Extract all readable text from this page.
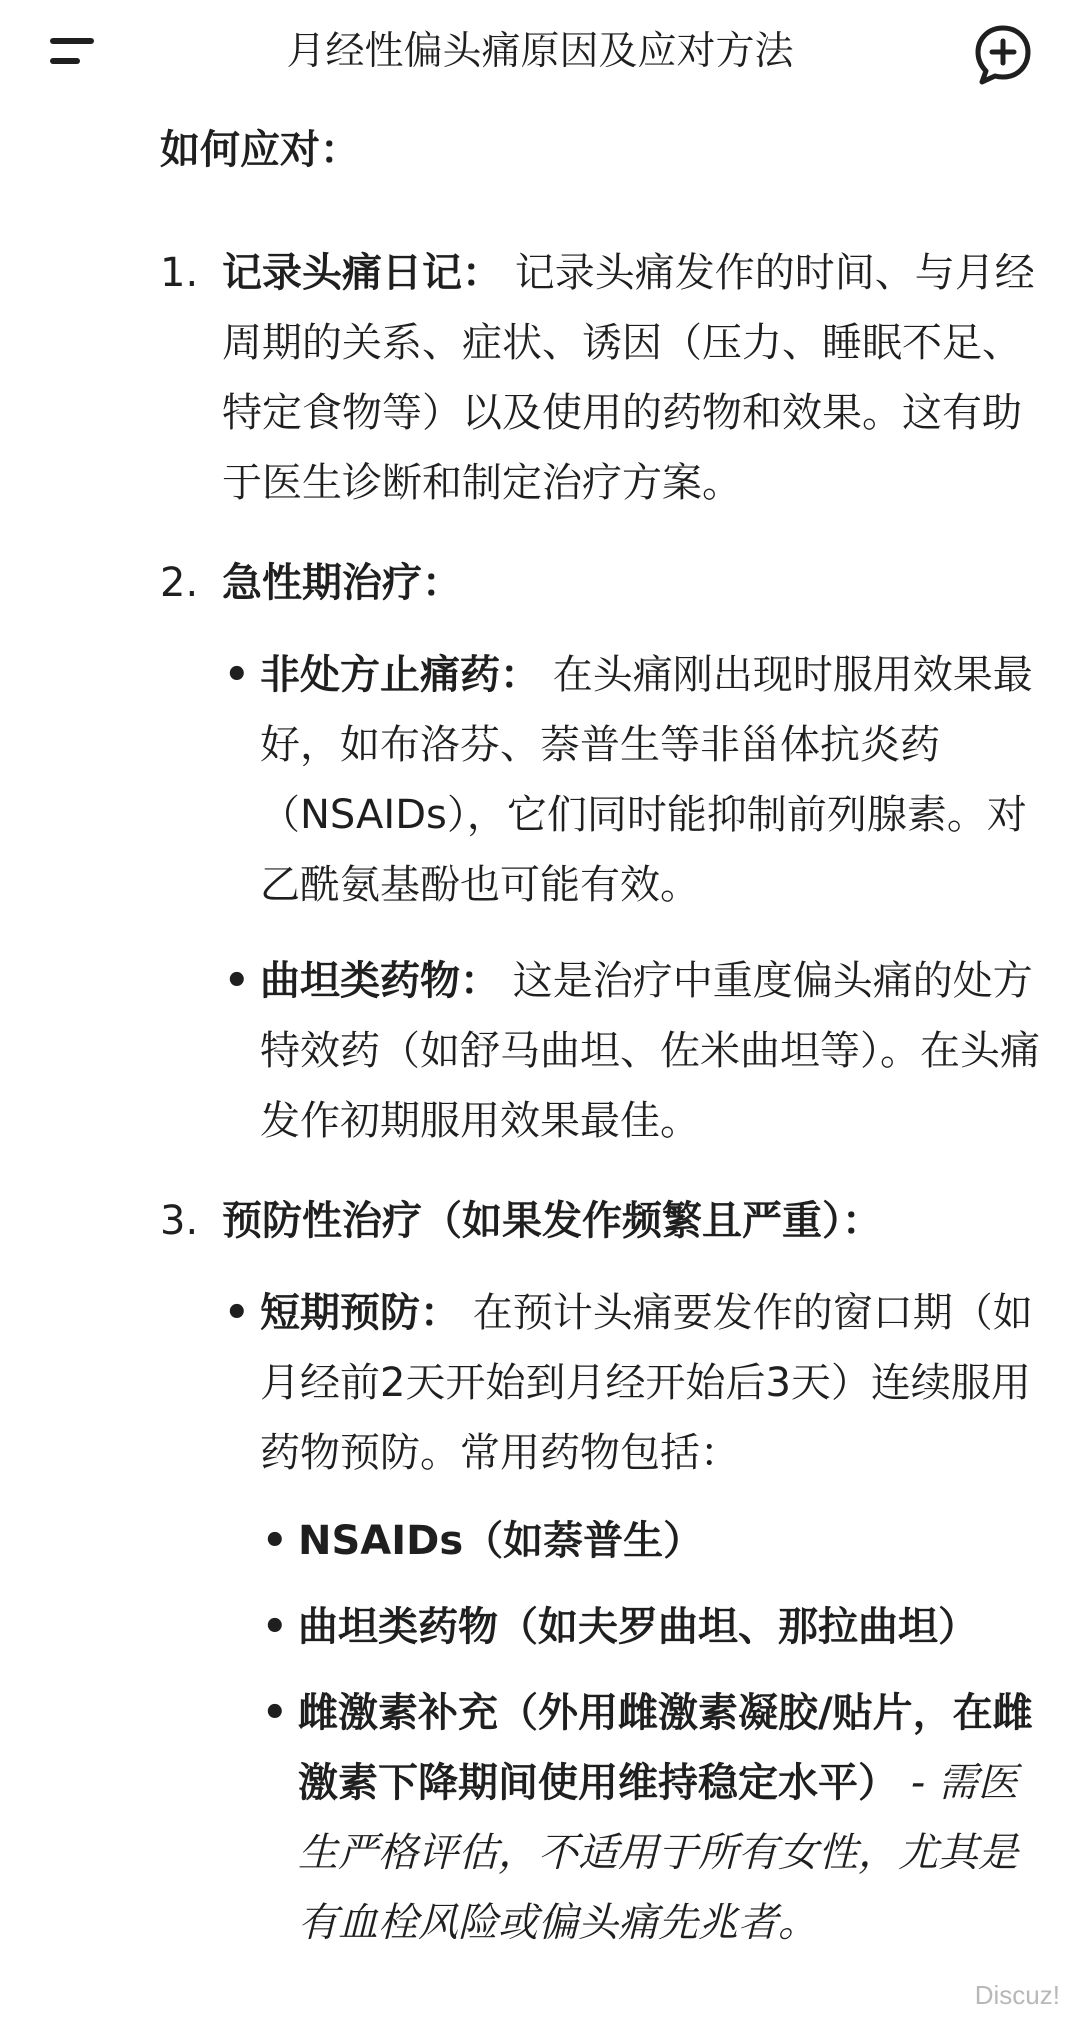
月经性偏头痛原因及应对方法
如何应对：
1. 记录头痛日记： 记录头痛发作的时间、与月经周期的关系、症状、诱因（压力、睡眠不足、特定食物等）以及使用的药物和效果。这有助于医生诊断和制定治疗方案。
2. 急性期治疗：
• 非处方止痛药： 在头痛刚出现时服用效果最好，如布洛芬、萘普生等非甾体抗炎药（NSAIDs），它们同时能抑制前列腺素。对乙酰氨基酚也可能有效。
• 曲坦类药物： 这是治疗中重度偏头痛的处方特效药（如舒马曲坦、佐米曲坦等）。在头痛发作初期服用效果最佳。
3. 预防性治疗（如果发作频繁且严重）：
• 短期预防： 在预计头痛要发作的窗口期（如月经前2天开始到月经开始后3天）连续服用药物预防。常用药物包括：
• NSAIDs（如萘普生）
• 曲坦类药物（如夫罗曲坦、那拉曲坦）
• 雌激素补充（外用雌激素凝胶/贴片，在雌激素下降期间使用维持稳定水平） - 需医生严格评估，不适用于所有女性，尤其是有血栓风险或偏头痛先兆者。
Discuz!
